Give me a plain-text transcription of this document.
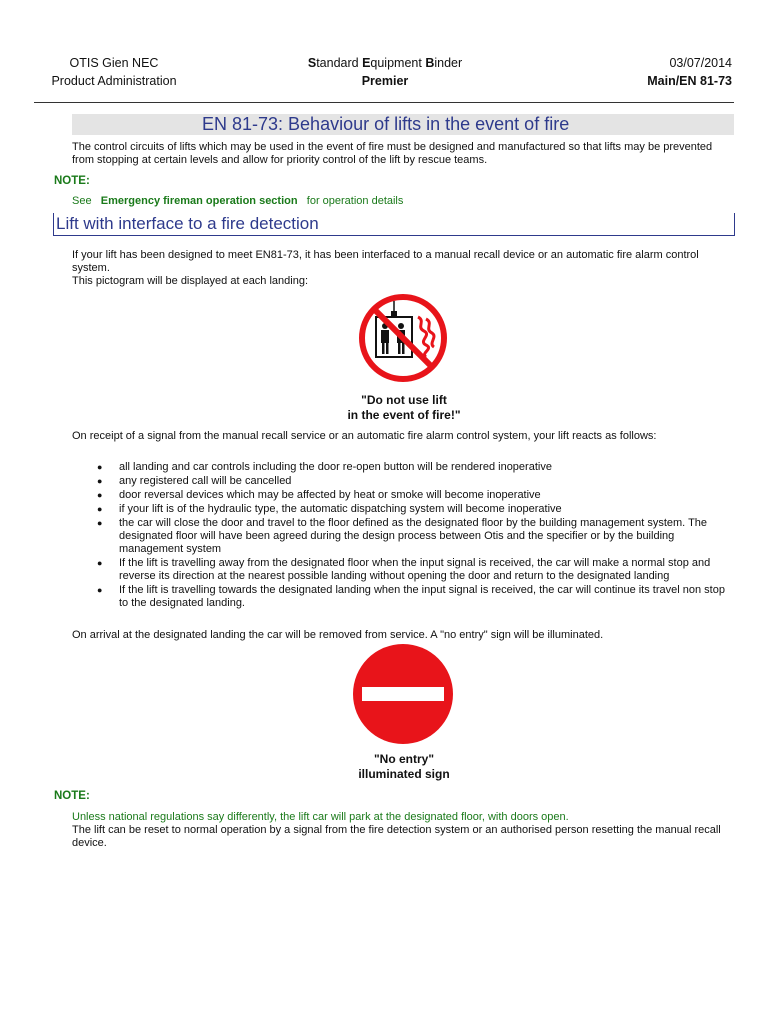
OTIS Gien NEC
Product Administration
Standard Equipment Binder
Premier
03/07/2014
Main/EN 81-73
EN 81-73: Behaviour of lifts in the event of fire
The control circuits of lifts which may be used in the event of fire must be designed and manufactured so that lifts may be prevented from stopping at certain levels and allow for priority control of the lift by rescue teams.
NOTE:
See Emergency fireman operation section for operation details
Lift with interface to a fire detection
If your lift has been designed to meet EN81-73, it has been interfaced to a manual recall device or an automatic fire alarm control system.
This pictogram will be displayed at each landing:
"Do not use lift
in the event of fire!"
On receipt of a signal from the manual recall service or an automatic fire alarm control system, your lift reacts as follows:
● all landing and car controls including the door re-open button will be rendered inoperative
● any registered call will be cancelled
● door reversal devices which may be affected by heat or smoke will become inoperative
● if your lift is of the hydraulic type, the automatic dispatching system will become inoperative
● the car will close the door and travel to the floor defined as the designated floor by the building management system. The designated floor will have been agreed during the design process between Otis and the specifier or by the building management system
● If the lift is travelling away from the designated floor when the input signal is received, the car will make a normal stop and reverse its direction at the nearest possible landing without opening the door and return to the designated landing
● If the lift is travelling towards the designated landing when the input signal is received, the car will continue its travel non stop to the designated landing.
On arrival at the designated landing the car will be removed from service. A "no entry" sign will be illuminated.
"No entry"
illuminated sign
NOTE:
Unless national regulations say differently, the lift car will park at the designated floor, with doors open.
The lift can be reset to normal operation by a signal from the fire detection system or an authorised person resetting the manual recall device.
